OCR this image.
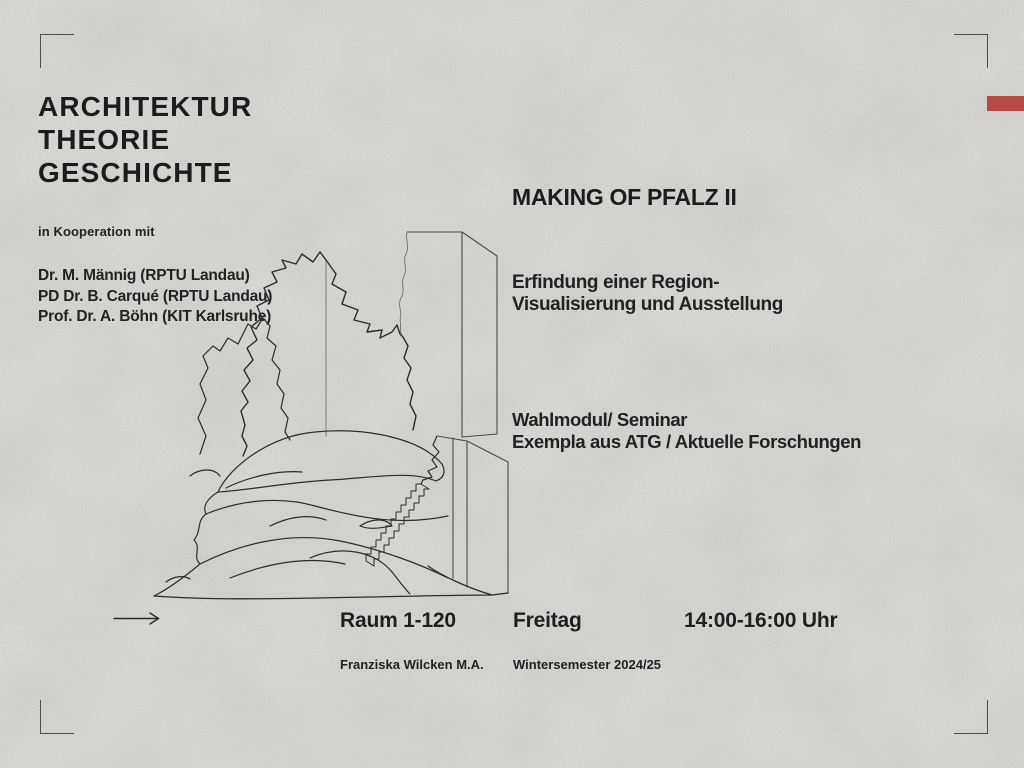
ARCHITEKTUR
THEORIE
GESCHICHTE
in Kooperation mit
Dr. M. Männig (RPTU Landau)
PD Dr. B. Carqué (RPTU Landau)
Prof. Dr. A. Böhn (KIT Karlsruhe)
MAKING OF PFALZ II
Erfindung einer Region-
Visualisierung und Ausstellung
Wahlmodul/ Seminar
Exempla aus ATG / Aktuelle Forschungen
Raum 1-120	Freitag	14:00-16:00 Uhr
Franziska Wilcken M.A. Wintersemester 2024/25
